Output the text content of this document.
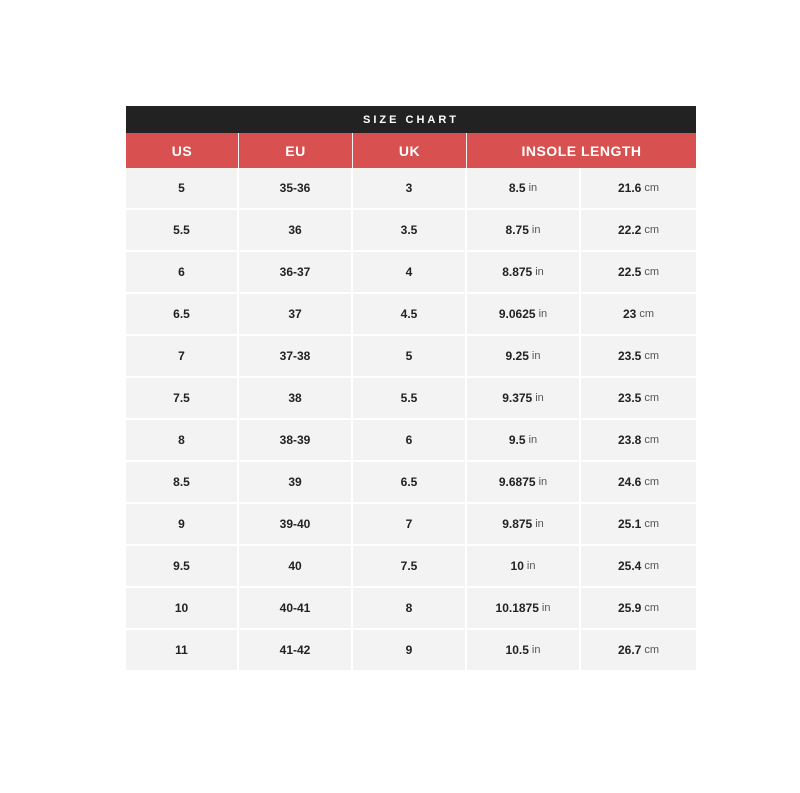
SIZE CHART
US	EU	UK	INSOLE LENGTH
5	35-36	3	8.5 in	21.6 cm
5.5	36	3.5	8.75 in	22.2 cm
6	36-37	4	8.875 in	22.5 cm
6.5	37	4.5	9.0625 in	23 cm
7	37-38	5	9.25 in	23.5 cm
7.5	38	5.5	9.375 in	23.5 cm
8	38-39	6	9.5 in	23.8 cm
8.5	39	6.5	9.6875 in	24.6 cm
9	39-40	7	9.875 in	25.1 cm
9.5	40	7.5	10 in	25.4 cm
10	40-41	8	10.1875 in	25.9 cm
11	41-42	9	10.5 in	26.7 cm
